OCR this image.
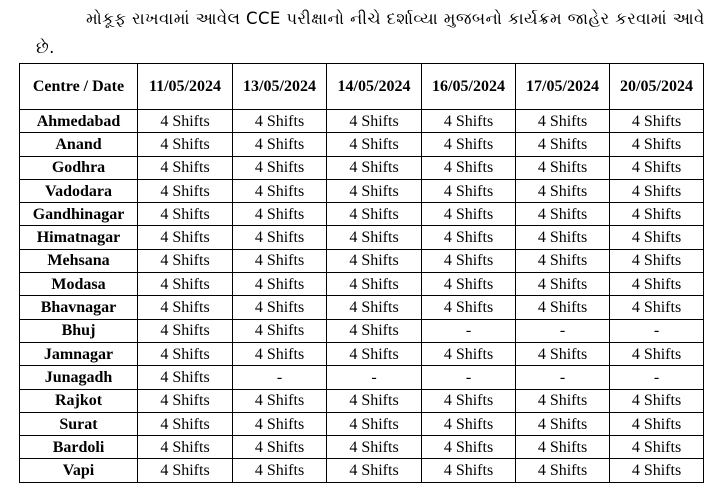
મોકૂફ રાખવામાં આવેલ CCE પરીક્ષાનો નીચે દર્શાવ્યા મુજબનો કાર્યક્રમ જાહેર કરવામાં આવે
છે.
Centre / Date	11/05/2024	13/05/2024	14/05/2024	16/05/2024	17/05/2024	20/05/2024
Ahmedabad	4 Shifts	4 Shifts	4 Shifts	4 Shifts	4 Shifts	4 Shifts
Anand	4 Shifts	4 Shifts	4 Shifts	4 Shifts	4 Shifts	4 Shifts
Godhra	4 Shifts	4 Shifts	4 Shifts	4 Shifts	4 Shifts	4 Shifts
Vadodara	4 Shifts	4 Shifts	4 Shifts	4 Shifts	4 Shifts	4 Shifts
Gandhinagar	4 Shifts	4 Shifts	4 Shifts	4 Shifts	4 Shifts	4 Shifts
Himatnagar	4 Shifts	4 Shifts	4 Shifts	4 Shifts	4 Shifts	4 Shifts
Mehsana	4 Shifts	4 Shifts	4 Shifts	4 Shifts	4 Shifts	4 Shifts
Modasa	4 Shifts	4 Shifts	4 Shifts	4 Shifts	4 Shifts	4 Shifts
Bhavnagar	4 Shifts	4 Shifts	4 Shifts	4 Shifts	4 Shifts	4 Shifts
Bhuj	4 Shifts	4 Shifts	4 Shifts	-	-	-
Jamnagar	4 Shifts	4 Shifts	4 Shifts	4 Shifts	4 Shifts	4 Shifts
Junagadh	4 Shifts	-	-	-	-	-
Rajkot	4 Shifts	4 Shifts	4 Shifts	4 Shifts	4 Shifts	4 Shifts
Surat	4 Shifts	4 Shifts	4 Shifts	4 Shifts	4 Shifts	4 Shifts
Bardoli	4 Shifts	4 Shifts	4 Shifts	4 Shifts	4 Shifts	4 Shifts
Vapi	4 Shifts	4 Shifts	4 Shifts	4 Shifts	4 Shifts	4 Shifts
